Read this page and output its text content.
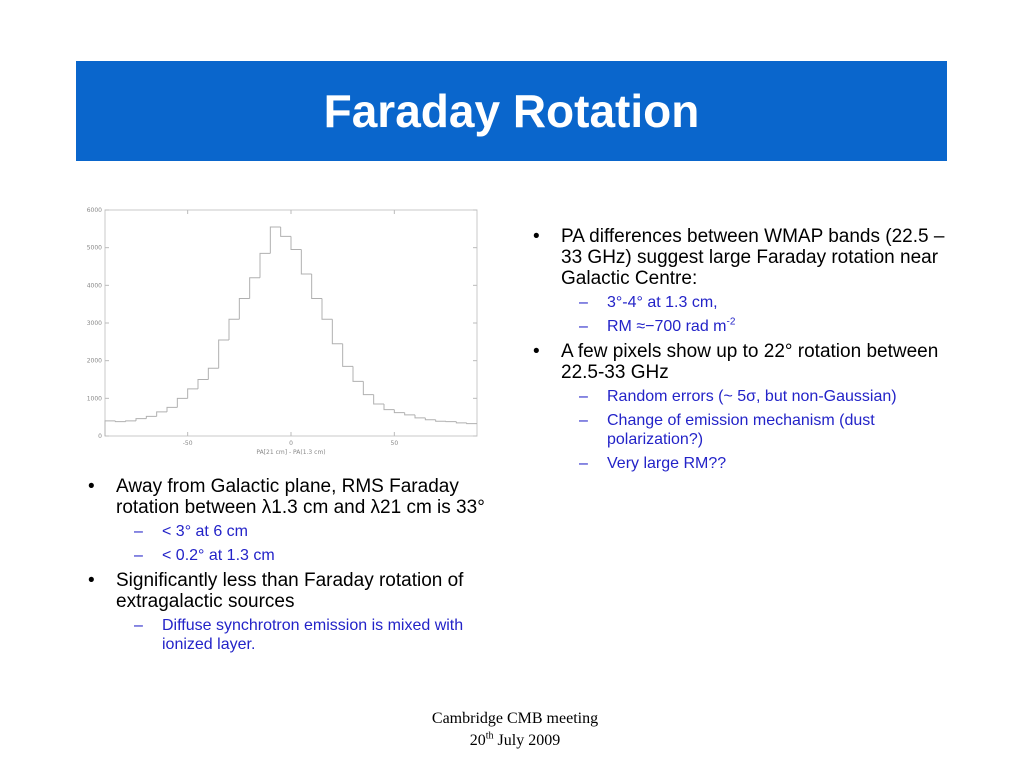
Faraday Rotation
0
1000
2000
3000
4000
5000
6000
-50	0	50
PA[21 cm] - PA(1.3 cm)
• Away from Galactic plane, RMS Faraday rotation between λ1.3 cm and λ21 cm is 33°
– < 3° at 6 cm
– < 0.2° at 1.3 cm
• Significantly less than Faraday rotation of extragalactic sources
– Diffuse synchrotron emission is mixed with ionized layer.
• PA differences between WMAP bands (22.5 – 33 GHz) suggest large Faraday rotation near Galactic Centre:
– 3°-4° at 1.3 cm,
– RM ≈−700 rad $m^{-2}$
• A few pixels show up to 22° rotation between 22.5-33 GHz
– Random errors (~ 5σ, but non-Gaussian)
– Change of emission mechanism (dust polarization?)
– Very large RM??
Cambridge CMB meeting
20th July 2009
